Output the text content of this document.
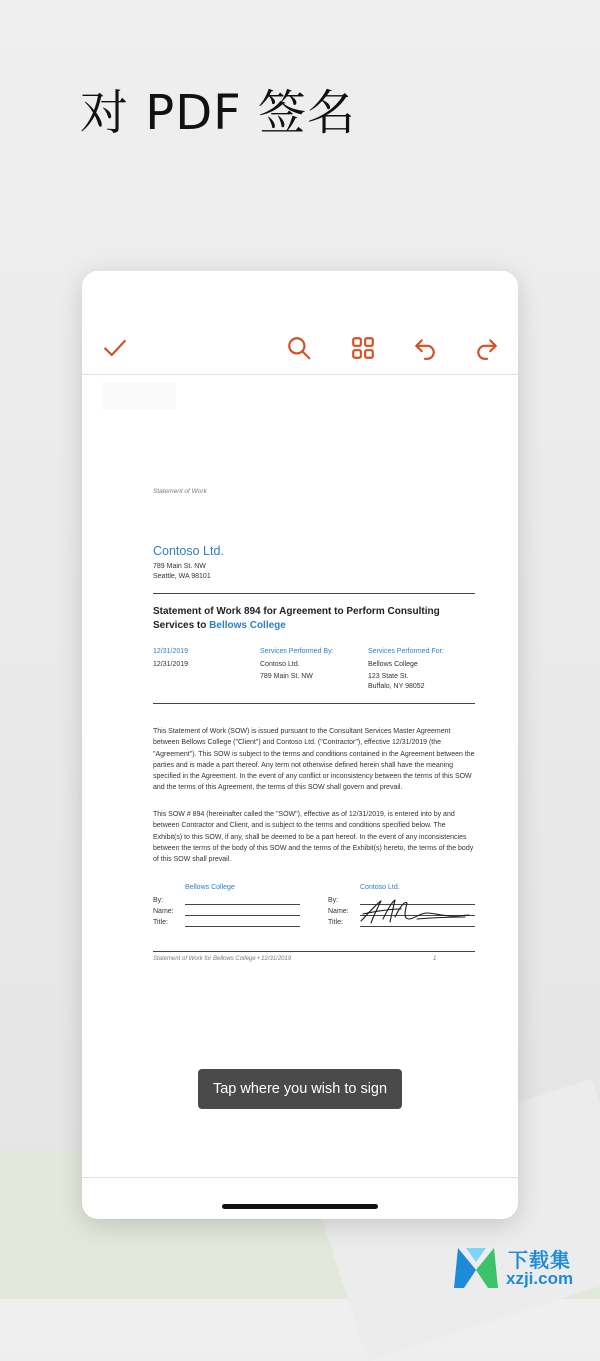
对 PDF 签名
Statement of Work
Contoso Ltd.
789 Main St. NW
Seattle, WA 98101
Statement of Work 894 for Agreement to Perform Consulting Services to Bellows College
12/31/2019
12/31/2019
Services Performed By:
Contoso Ltd.
789 Main St. NW
Services Performed For:
Bellows College
123 State St.
Buffalo, NY 98052
This Statement of Work (SOW) is issued pursuant to the Consultant Services Master Agreement between Bellows College ("Client") and Contoso Ltd. ("Contractor"), effective 12/31/2019 (the "Agreement"). This SOW is subject to the terms and conditions contained in the Agreement between the parties and is made a part thereof. Any term not otherwise defined herein shall have the meaning specified in the Agreement. In the event of any conflict or inconsistency between the terms of this SOW and the terms of this Agreement, the terms of this SOW shall govern and prevail.
This SOW # 894 (hereinafter called the "SOW"), effective as of 12/31/2019, is entered into by and between Contractor and Client, and is subject to the terms and conditions specified below. The Exhibit(s) to this SOW, if any, shall be deemed to be a part hereof. In the event of any inconsistencies between the terms of the body of this SOW and the terms of the Exhibit(s) hereto, the terms of the body of this SOW shall prevail.
Bellows College	Contoso Ltd.
By:
Name:
Title:
By:
Name:
Title:
Statement of Work for Bellows College • 12/31/2019	1
Tap where you wish to sign
下载集
xzji.com
